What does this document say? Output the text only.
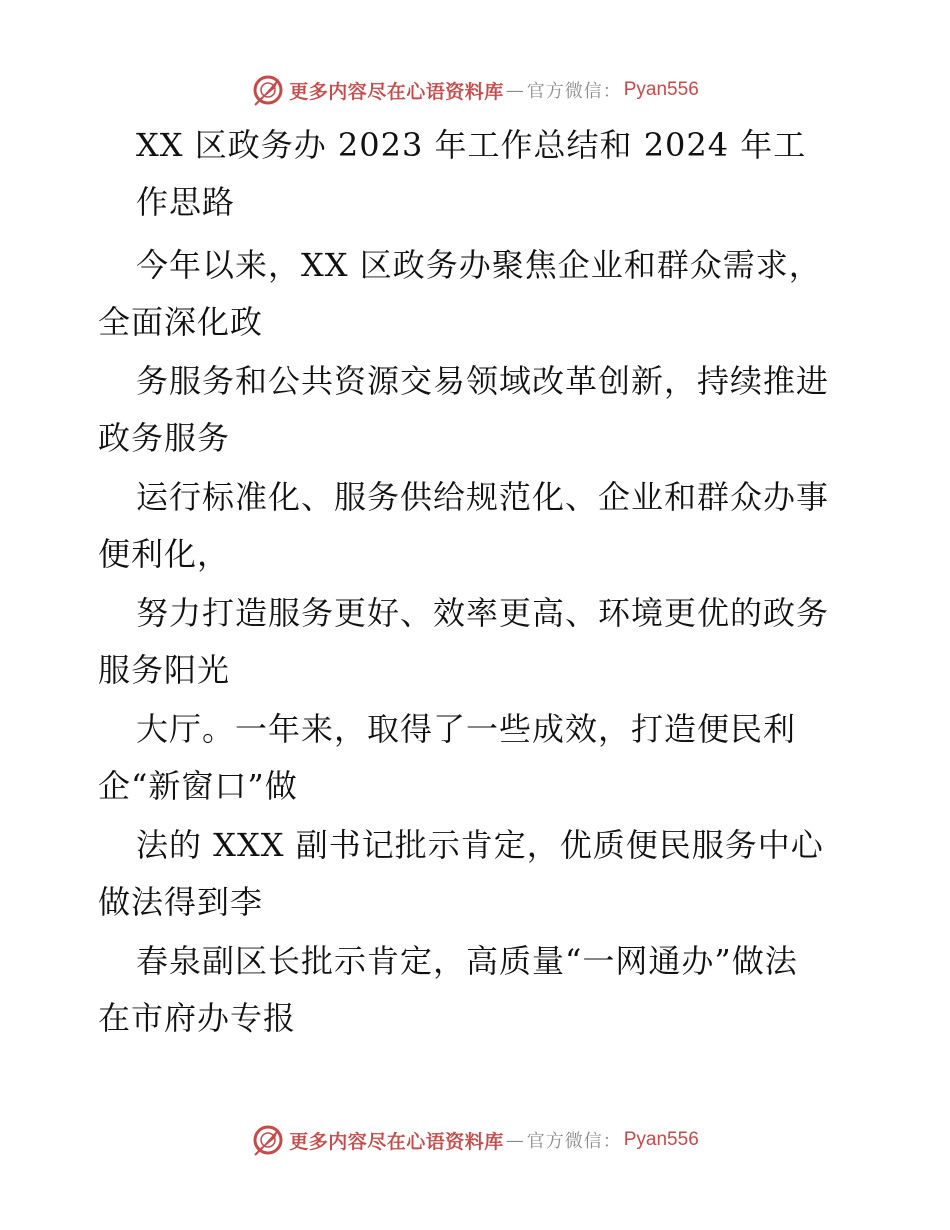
更多内容尽在心语资料库 — 官方微信： Pyan556
XX 区政务办 2023 年工作总结和 2024 年工
作思路
今年以来，XX 区政务办聚焦企业和群众需求，
全面深化政
务服务和公共资源交易领域改革创新，持续推进
政务服务
运行标准化、服务供给规范化、企业和群众办事
便利化，
努力打造服务更好、效率更高、环境更优的政务
服务阳光
大厅。一年来，取得了一些成效，打造便民利
企“新窗口”做
法的 XXX 副书记批示肯定，优质便民服务中心
做法得到李
春泉副区长批示肯定，高质量“一网通办”做法
在市府办专报
更多内容尽在心语资料库 — 官方微信： Pyan556
